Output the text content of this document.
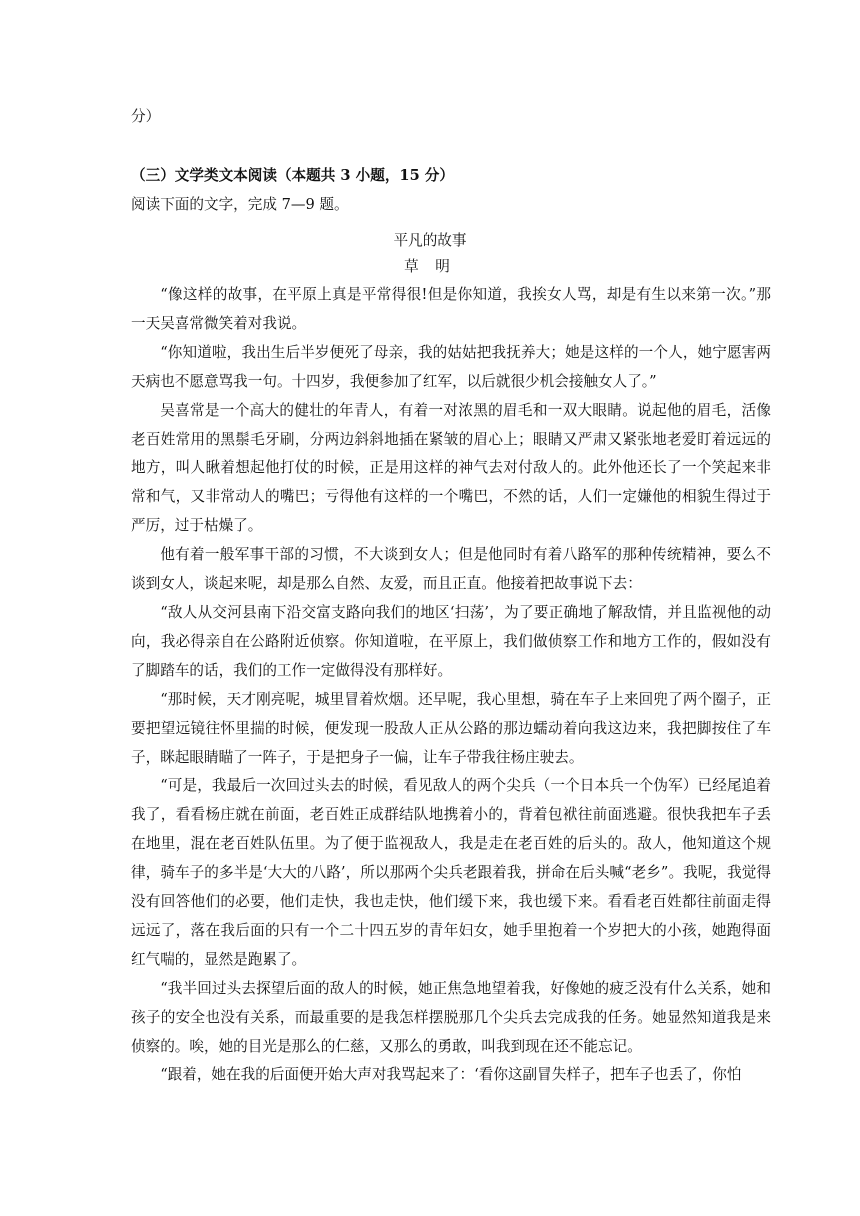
分）
（三）文学类文本阅读（本题共 3 小题，15 分）
阅读下面的文字，完成 7—9 题。
平凡的故事
草 明

“像这样的故事，在平原上真是平常得很!但是你知道，我挨女人骂，却是有生以来第一次。”那一天吴喜常微笑着对我说。

“你知道啦，我出生后半岁便死了母亲，我的姑姑把我抚养大；她是这样的一个人，她宁愿害两天病也不愿意骂我一句。十四岁，我便参加了红军，以后就很少机会接触女人了。”

吴喜常是一个高大的健壮的年青人，有着一对浓黑的眉毛和一双大眼睛。说起他的眉毛，活像老百姓常用的黑鬃毛牙刷，分两边斜斜地插在紧皱的眉心上；眼睛又严肃又紧张地老爱盯着远远的地方，叫人瞅着想起他打仗的时候，正是用这样的神气去对付敌人的。此外他还长了一个笑起来非常和气，又非常动人的嘴巴；亏得他有这样的一个嘴巴，不然的话，人们一定嫌他的相貌生得过于严厉，过于枯燥了。

他有着一般军事干部的习惯，不大谈到女人；但是他同时有着八路军的那种传统精神，要么不谈到女人，谈起来呢，却是那么自然、友爱，而且正直。他接着把故事说下去：

“敌人从交河县南下沿交富支路向我们的地区‘扫荡’，为了要正确地了解敌情，并且监视他的动向，我必得亲自在公路附近侦察。你知道啦，在平原上，我们做侦察工作和地方工作的，假如没有了脚踏车的话，我们的工作一定做得没有那样好。

“那时候，天才刚亮呢，城里冒着炊烟。还早呢，我心里想，骑在车子上来回兜了两个圈子，正要把望远镜往怀里揣的时候，便发现一股敌人正从公路的那边蠕动着向我这边来，我把脚按住了车子，眯起眼睛瞄了一阵子，于是把身子一偏，让车子带我往杨庄驶去。

“可是，我最后一次回过头去的时候，看见敌人的两个尖兵（一个日本兵一个伪军）已经尾追着我了，看看杨庄就在前面，老百姓正成群结队地携着小的，背着包袱往前面逃避。很快我把车子丢在地里，混在老百姓队伍里。为了便于监视敌人，我是走在老百姓的后头的。敌人，他知道这个规律，骑车子的多半是‘大大的八路’，所以那两个尖兵老跟着我，拼命在后头喊“老乡”。我呢，我觉得没有回答他们的必要，他们走快，我也走快，他们缓下来，我也缓下来。看看老百姓都往前面走得远远了，落在我后面的只有一个二十四五岁的青年妇女，她手里抱着一个岁把大的小孩，她跑得面红气喘的，显然是跑累了。

“我半回过头去探望后面的敌人的时候，她正焦急地望着我，好像她的疲乏没有什么关系，她和孩子的安全也没有关系，而最重要的是我怎样摆脱那几个尖兵去完成我的任务。她显然知道我是来侦察的。唉，她的目光是那么的仁慈，又那么的勇敢，叫我到现在还不能忘记。

“跟着，她在我的后面便开始大声对我骂起来了：‘看你这副冒失样子，把车子也丢了，你怕
